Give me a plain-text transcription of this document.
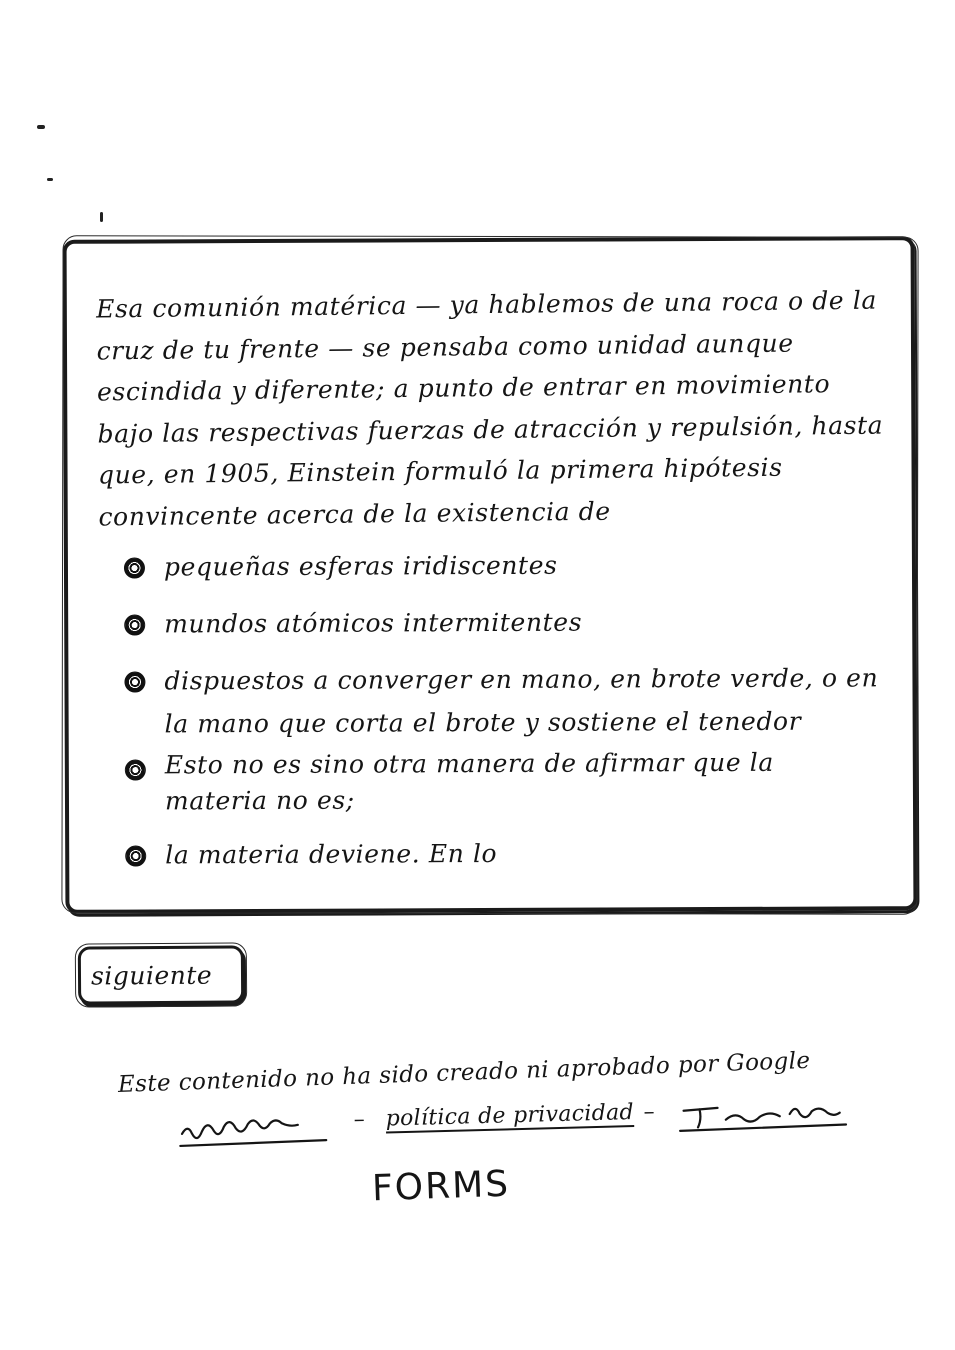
Esa comunión matérica — ya hablemos de una roca o de la cruz de tu frente — se pensaba como unidad aunque escindida y diferente; a punto de entrar en movimiento bajo las respectivas fuerzas de atracción y repulsión, hasta que, en 1905, Einstein formuló la primera hipótesis convincente acerca de la existencia de
pequeñas esferas iridiscentes
mundos atómicos intermitentes
dispuestos a converger en mano, en brote verde, o en la mano que corta el brote y sostiene el tenedor
Esto no es sino otra manera de afirmar que la materia no es;
la materia deviene. En lo
siguiente
Este contenido no ha sido creado ni aprobado por Google
– política de privacidad –
FORMS
